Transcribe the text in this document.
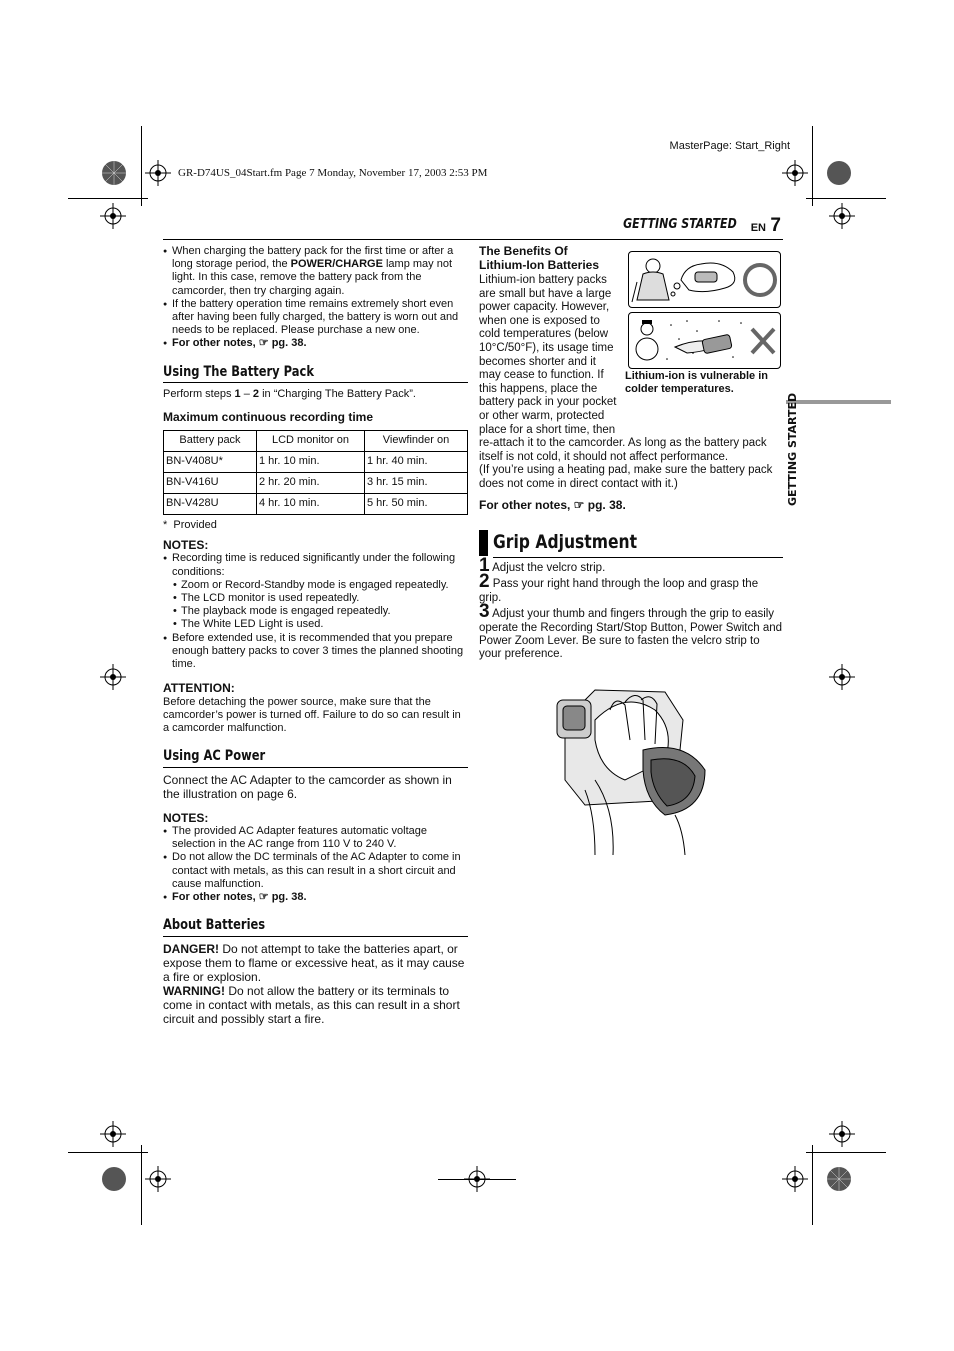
MasterPage: Start_Right
GR-D74US_04Start.fm Page 7 Monday, November 17, 2003 2:53 PM
GETTING STARTED EN 7
GETTING STARTED

● When charging the battery pack for the first time or after a long storage period, the POWER/CHARGE lamp may not light. In this case, remove the battery pack from the camcorder, then try charging again.

● If the battery operation time remains extremely short even after having been fully charged, the battery is worn out and needs to be replaced. Please purchase a new one.

● For other notes, ☞ pg. 38.

Using The Battery Pack

Perform steps 1 – 2 in “Charging The Battery Pack”.

Maximum continuous recording time

Battery pack	LCD monitor on	Viewfinder on
BN-V408U*	1 hr. 10 min.	1 hr. 40 min.
BN-V416U	2 hr. 20 min.	3 hr. 15 min.
BN-V428U	4 hr. 10 min.	5 hr. 50 min.

*  Provided

NOTES:

● Recording time is reduced significantly under the following conditions:

• Zoom or Record-Standby mode is engaged repeatedly.

• The LCD monitor is used repeatedly.

• The playback mode is engaged repeatedly.

• The White LED Light is used.

● Before extended use, it is recommended that you prepare enough battery packs to cover 3 times the planned shooting time.

ATTENTION:

Before detaching the power source, make sure that the camcorder’s power is turned off. Failure to do so can result in a camcorder malfunction.

Using AC Power

Connect the AC Adapter to the camcorder as shown in the illustration on page 6.

NOTES:

● The provided AC Adapter features automatic voltage selection in the AC range from 110 V to 240 V.

● Do not allow the DC terminals of the AC Adapter to come in contact with metals, as this can result in a short circuit and cause malfunction.

● For other notes, ☞ pg. 38.

About Batteries

DANGER! Do not attempt to take the batteries apart, or expose them to flame or excessive heat, as it may cause a fire or explosion.

WARNING! Do not allow the battery or its terminals to come in contact with metals, as this can result in a short circuit and possibly start a fire.

The Benefits Of Lithium-Ion Batteries
Lithium-ion battery packs
are small but have a large
power capacity. However,
when one is exposed to
cold temperatures (below
10°C/50°F), its usage time
becomes shorter and it
may cease to function. If
this happens, place the
battery pack in your pocket
or other warm, protected
place for a short time, then
Lithium-ion is vulnerable in colder temperatures.

re-attach it to the camcorder. As long as the battery pack itself is not cold, it should not affect performance.

(If you’re using a heating pad, make sure the battery pack does not come in direct contact with it.)

For other notes, ☞ pg. 38.
Grip Adjustment

1 Adjust the velcro strip.

2 Pass your right hand through the loop and grasp the grip.

3 Adjust your thumb and fingers through the grip to easily operate the Recording Start/Stop Button, Power Switch and Power Zoom Lever. Be sure to fasten the velcro strip to your preference.
